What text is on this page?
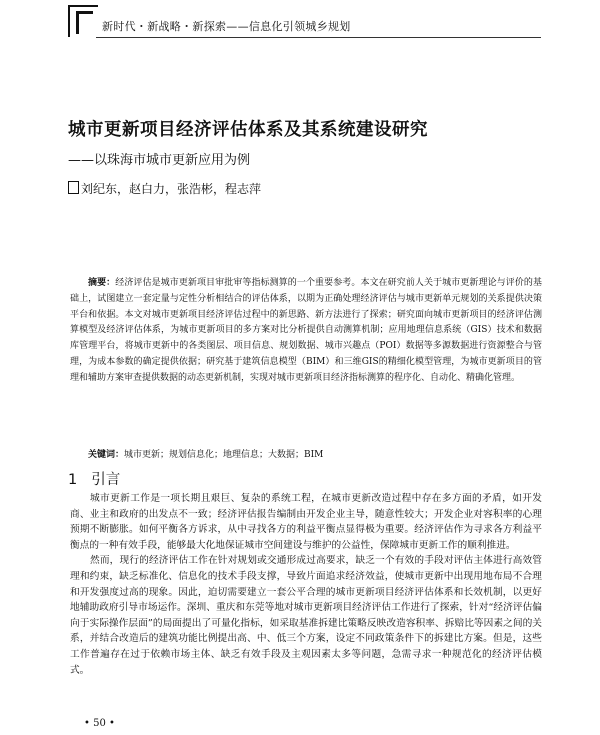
新时代・新战略・新探索——信息化引领城乡规划
城市更新项目经济评估体系及其系统建设研究
——以珠海市城市更新应用为例
刘纪东，赵白力，张浩彬，程志萍
摘要：经济评估是城市更新项目审批审等指标测算的一个重要参考。本文在研究前人关于城市更新理论与评价的基础上，试图建立一套定量与定性分析相结合的评估体系，以期为正确处理经济评估与城市更新单元规划的关系提供决策平台和依据。本文对城市更新项目经济评估过程中的新思路、新方法进行了探索；研究面向城市更新项目的经济评估测算模型及经济评估体系，为城市更新项目的多方案对比分析提供自动测算机制；应用地理信息系统（GIS）技术和数据库管理平台，将城市更新中的各类图层、项目信息、规划数据、城市兴趣点（POI）数据等多源数据进行资源整合与管理，为成本参数的确定提供依据；研究基于建筑信息模型（BIM）和三维GIS的精细化模型管理，为城市更新项目的管理和辅助方案审查提供数据的动态更新机制，实现对城市更新项目经济指标测算的程序化、自动化、精确化管理。
关键词：城市更新；规划信息化；地理信息；大数据；BIM
1 引言

城市更新工作是一项长期且艰巨、复杂的系统工程，在城市更新改造过程中存在多方面的矛盾，如开发商、业主和政府的出发点不一致；经济评估报告编制由开发企业主导，随意性较大；开发企业对容积率的心理预期不断膨胀。如何平衡各方诉求，从中寻找各方的利益平衡点显得极为重要。经济评估作为寻求各方利益平衡点的一种有效手段，能够最大化地保证城市空间建设与维护的公益性，保障城市更新工作的顺利推进。

然而，现行的经济评估工作在针对规划或交通形成过高要求，缺乏一个有效的手段对评估主体进行高效管理和约束，缺乏标准化、信息化的技术手段支撑，导致片面追求经济效益，使城市更新中出现用地布局不合理和开发强度过高的现象。因此，迫切需要建立一套公平合理的城市更新项目经济评估体系和长效机制，以更好地辅助政府引导市场运作。深圳、重庆和东莞等地对城市更新项目经济评估工作进行了探索，针对“经济评估偏向于实际操作层面”的局面提出了可量化指标，如采取基准拆建比策略反映改造容积率、拆赔比等因素之间的关系，并结合改造后的建筑功能比例提出高、中、低三个方案，设定不同政策条件下的拆建比方案。但是，这些工作普遍存在过于依赖市场主体、缺乏有效手段及主观因素太多等问题，急需寻求一种规范化的经济评估模式。

• 50 •
